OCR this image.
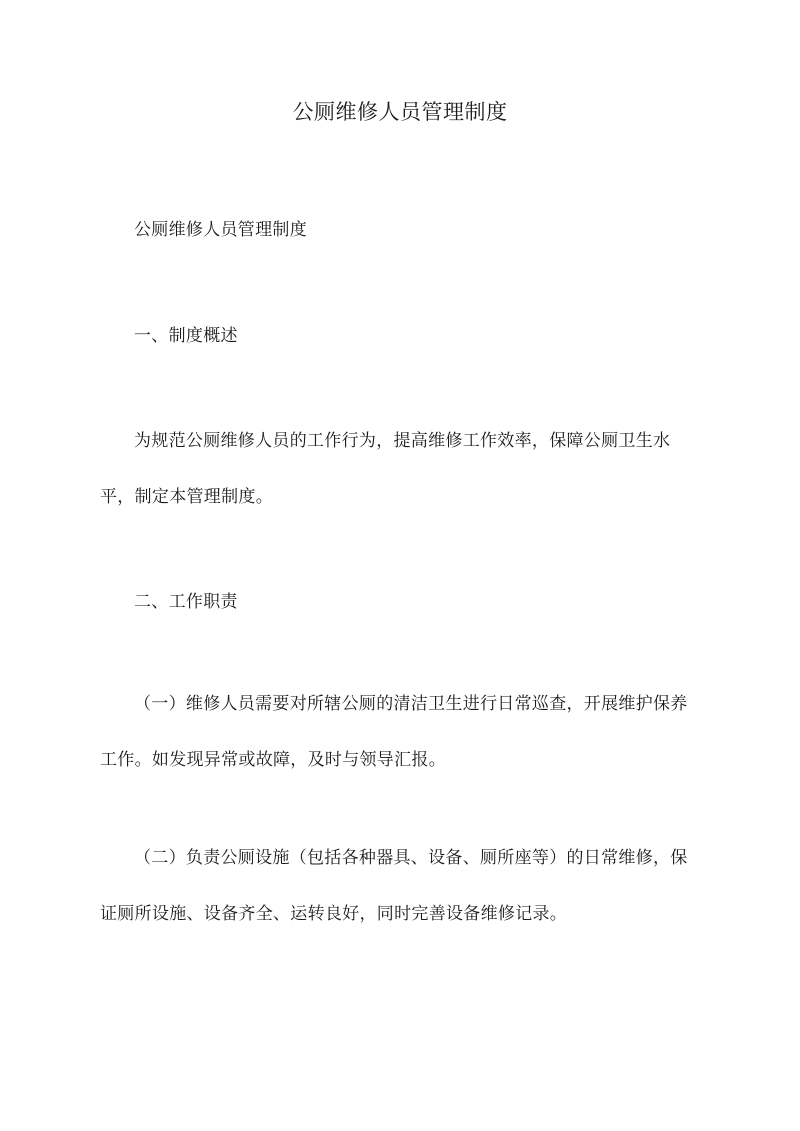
公厕维修人员管理制度

公厕维修人员管理制度

一、制度概述

为规范公厕维修人员的工作行为，提高维修工作效率，保障公厕卫生水平，制定本管理制度。

二、工作职责

（一）维修人员需要对所辖公厕的清洁卫生进行日常巡查，开展维护保养工作。如发现异常或故障，及时与领导汇报。

（二）负责公厕设施（包括各种器具、设备、厕所座等）的日常维修，保证厕所设施、设备齐全、运转良好，同时完善设备维修记录。
